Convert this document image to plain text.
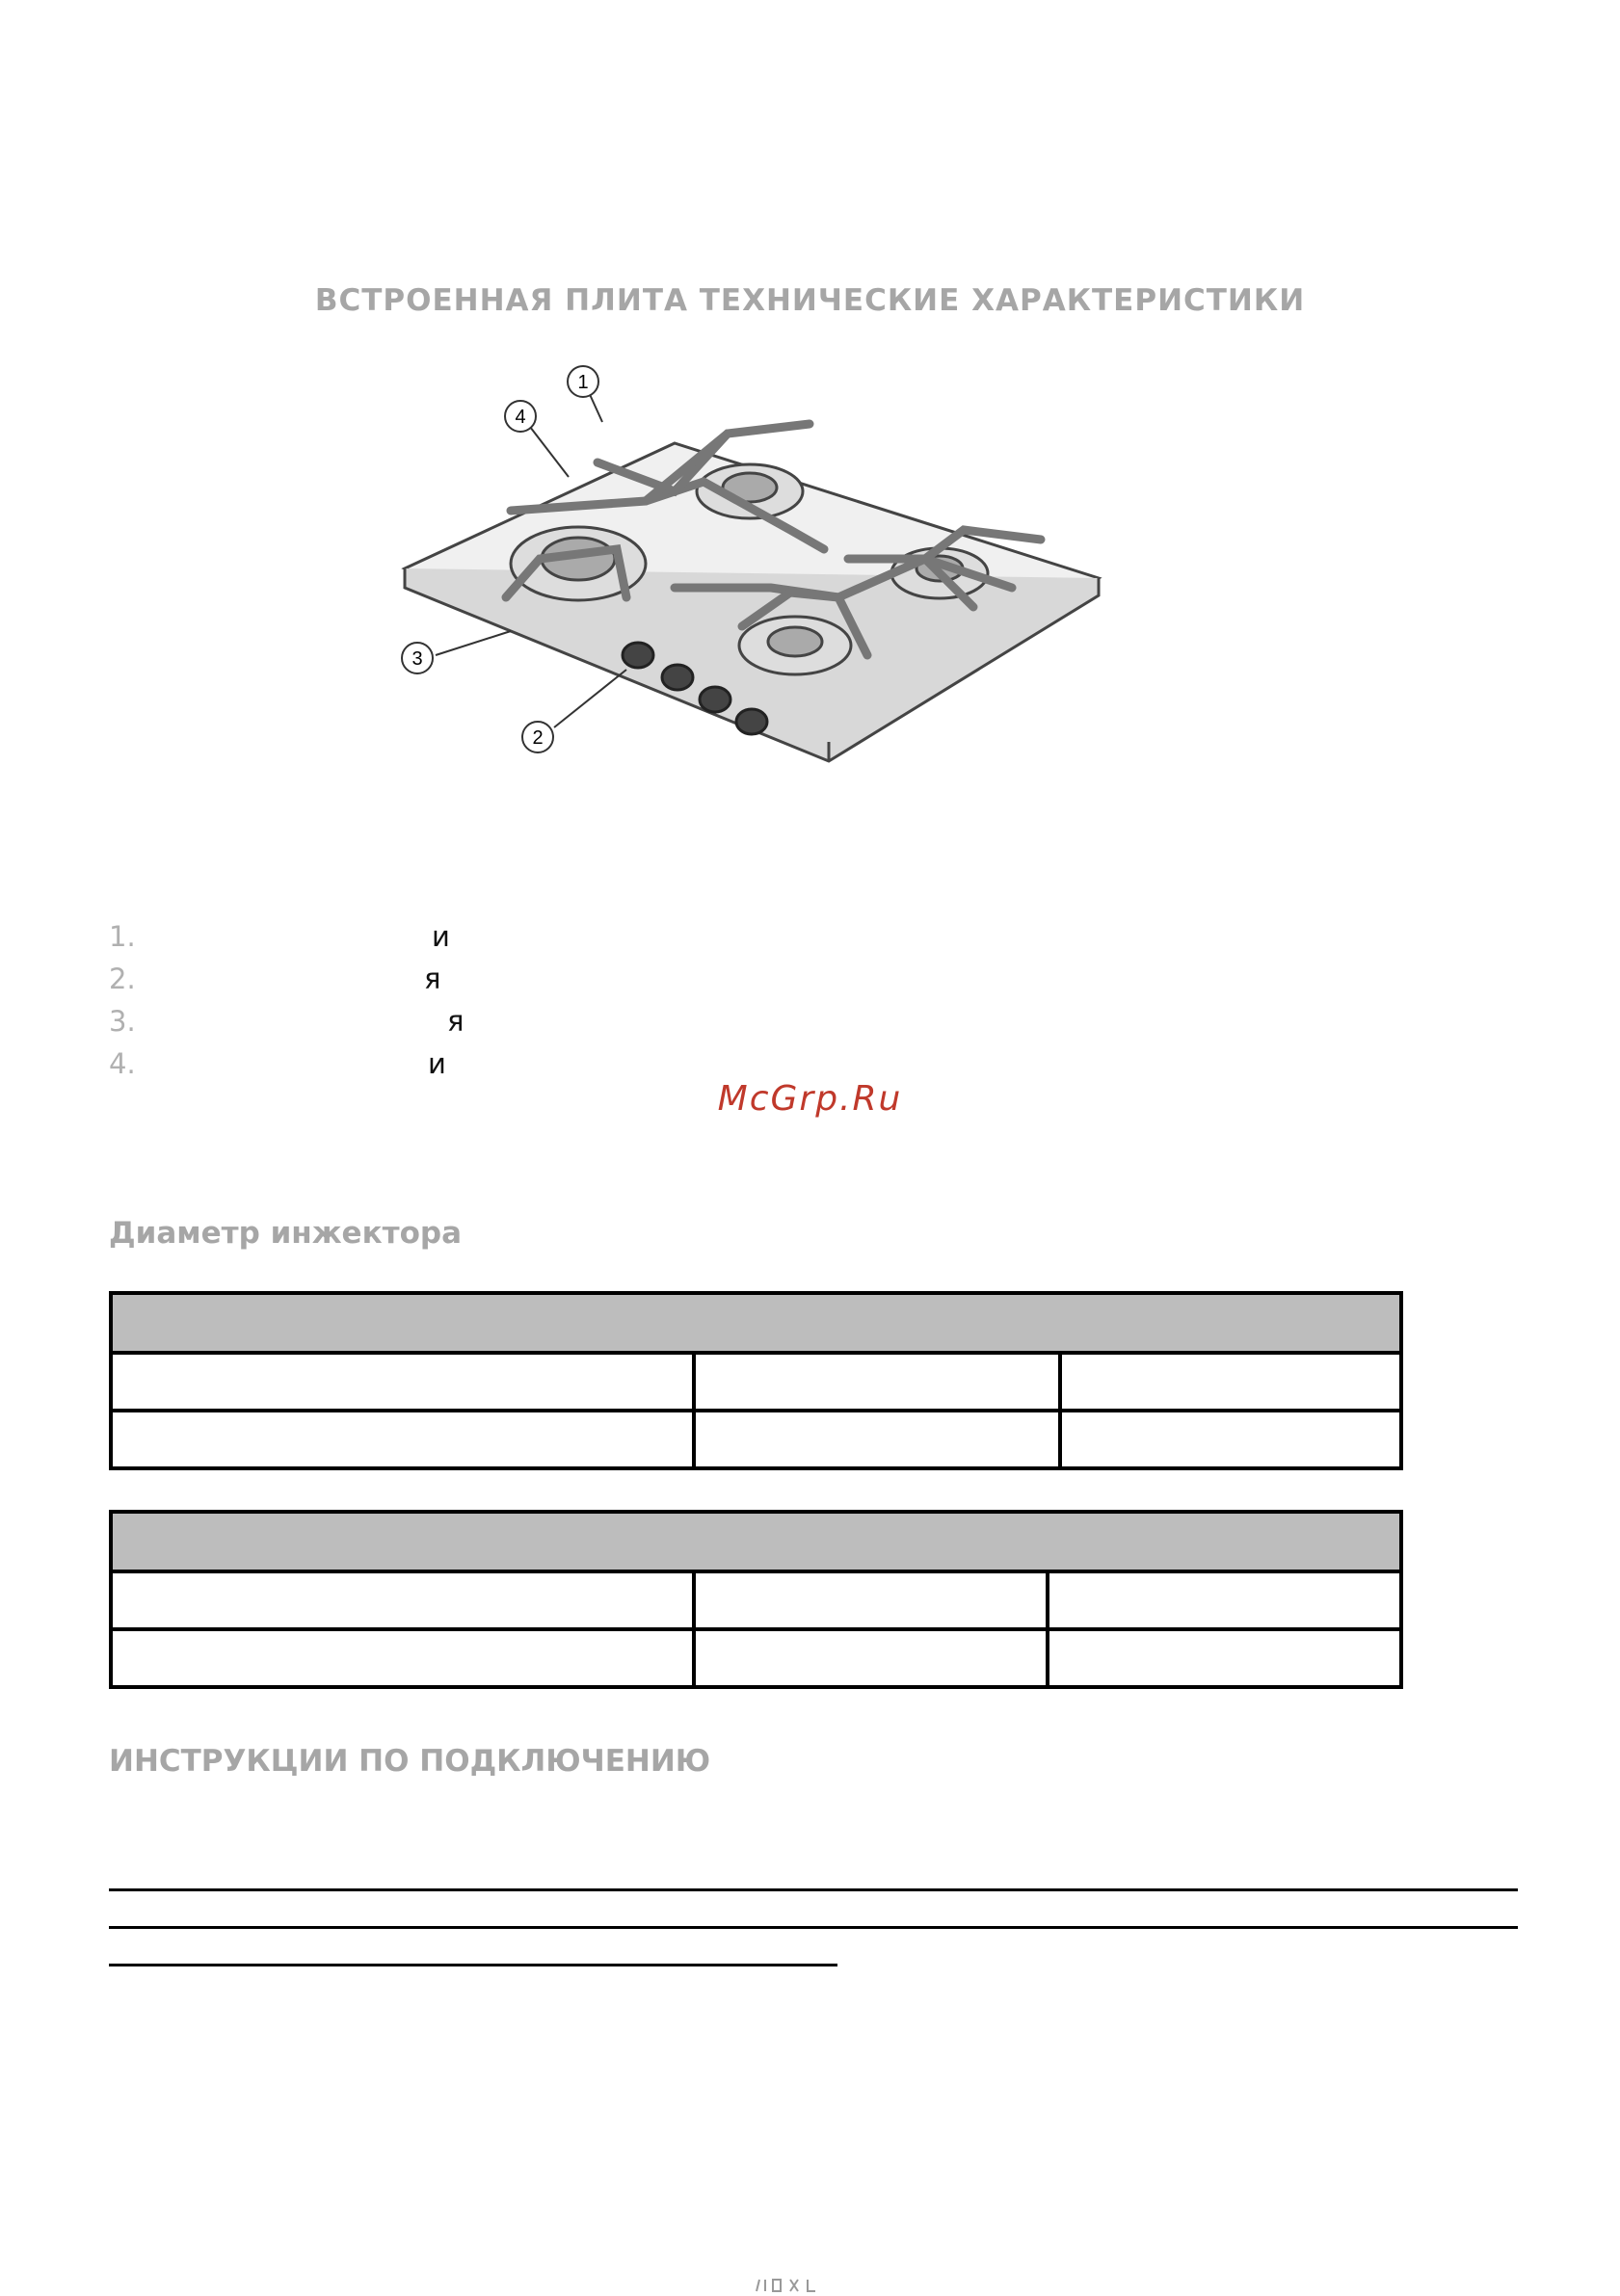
ВСТРОЕННАЯ ПЛИТА ТЕХНИЧЕСКИЕ ХАРАКТЕРИСТИКИ
1
4
3
2
1.	и
2.	я
3.	я
4.	и
McGrp.Ru
Диаметр инжектора

ИНСТРУКЦИИ ПО ПОДКЛЮЧЕНИЮ
